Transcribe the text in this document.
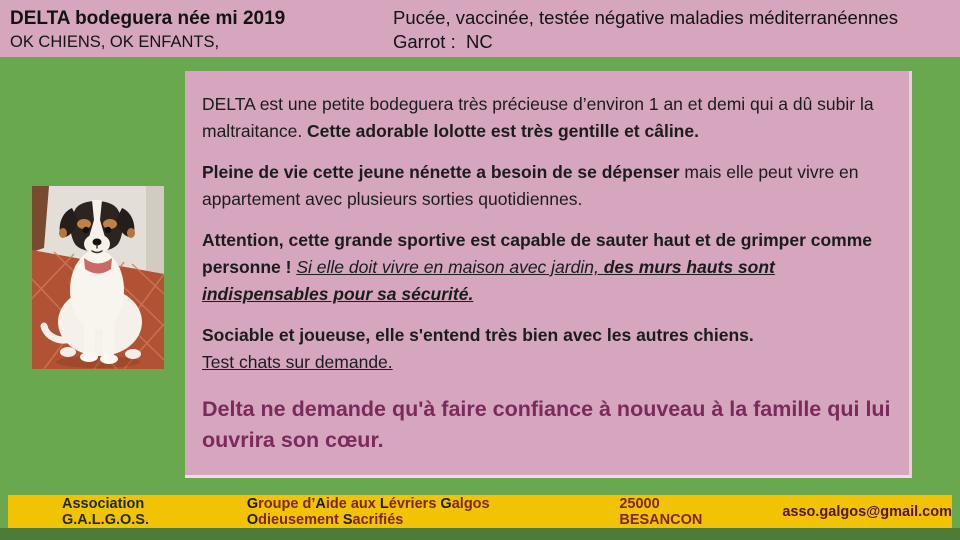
DELTA bodeguera née mi 2019
OK CHIENS, OK ENFANTS,
Pucée, vaccinée, testée négative maladies méditerranéennes
Garrot :  NC

DELTA est une petite bodeguera très précieuse d’environ 1 an et demi qui a dû subir la maltraitance. Cette adorable lolotte est très gentille et câline.

Pleine de vie cette jeune nénette a besoin de se dépenser mais elle peut vivre en appartement avec plusieurs sorties quotidiennes.

Attention, cette grande sportive est capable de sauter haut et de grimper comme personne ! Si elle doit vivre en maison avec jardin, des murs hauts sont indispensables pour sa sécurité.

Sociable et joueuse, elle s'entend très bien avec les autres chiens.
Test chats sur demande.

Delta ne demande qu'à faire confiance à nouveau à la famille qui lui ouvrira son cœur.

Association G.A.L.G.O.S.
Groupe d’Aide aux Lévriers Galgos Odieusement Sacrifiés
25000 BESANCON	asso.galgos@gmail.com
